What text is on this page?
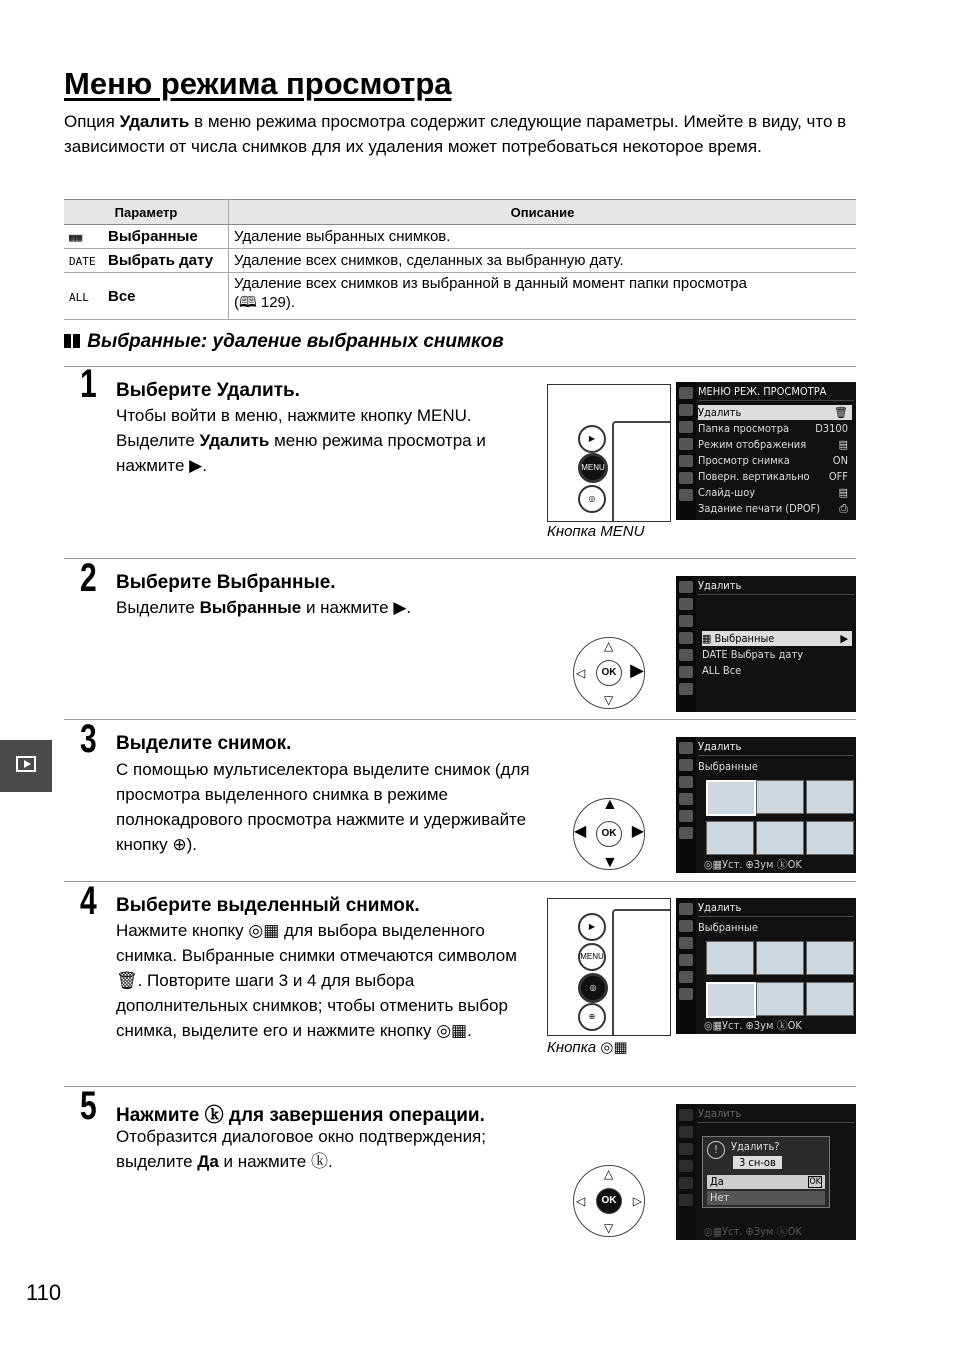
Меню режима просмотра
Опция Удалить в меню режима просмотра содержит следующие параметры. Имейте в виду, что в зависимости от числа снимков для их удаления может потребоваться некоторое время.
Параметр	Описание
▦▦ Выбранные	Удаление выбранных снимков.
DATE Выбрать дату	Удаление всех снимков, сделанных за выбранную дату.
ALL Все	Удаление всех снимков из выбранной в данный момент папки просмотра
(🕮 129).
Выбранные: удаление выбранных снимков
1 Выберите Удалить.
Чтобы войти в меню, нажмите кнопку MENU. Выделите Удалить меню режима просмотра и нажмите ▶.
▶
MENU
◎
Кнопка MENU
МЕНЮ РЕЖ. ПРОСМОТРА
Удалить	🗑
Папка просмотра D3100
Режим отображения	▤
Просмотр снимка	ON
Поверн. вертикально OFF
Слайд-шоу	▤
Задание печати (DPOF) ⎙
2 Выберите Выбранные.
Выделите Выбранные и нажмите ▶.
OK
△
▽
◁ ▶
Удалить
▦ Выбранные	▶
DATE Выбрать дату
ALL Все
3 Выделите снимок.
С помощью мультиселектора выделите снимок (для просмотра выделенного снимка в режиме полнокадрового просмотра нажмите и удерживайте кнопку ⊕).
OK
▲
▼
◀	▶
Удалить
Выбранные
◎▦Уст. ⊕Зум ⓚOK
4 Выберите выделенный снимок.
Нажмите кнопку ◎▦ для выбора выделенного снимка. Выбранные снимки отмечаются символом 🗑. Повторите шаги 3 и 4 для выбора дополнительных снимков; чтобы отменить выбор снимка, выделите его и нажмите кнопку ◎▦.
▶
MENU
◎
⊕
Кнопка ◎▦
Удалить
Выбранные
◎▦Уст. ⊕Зум ⓚOK
5 Нажмите ⓚ для завершения операции.
Отобразится диалоговое окно подтверждения; выделите Да и нажмите ⓚ.
OK
△
▽
◁	▷
Удалить
!	Удалить?
3 сн-ов
Да	OK
Нет
◎▦Уст. ⊕Зум ⓚOK
110
